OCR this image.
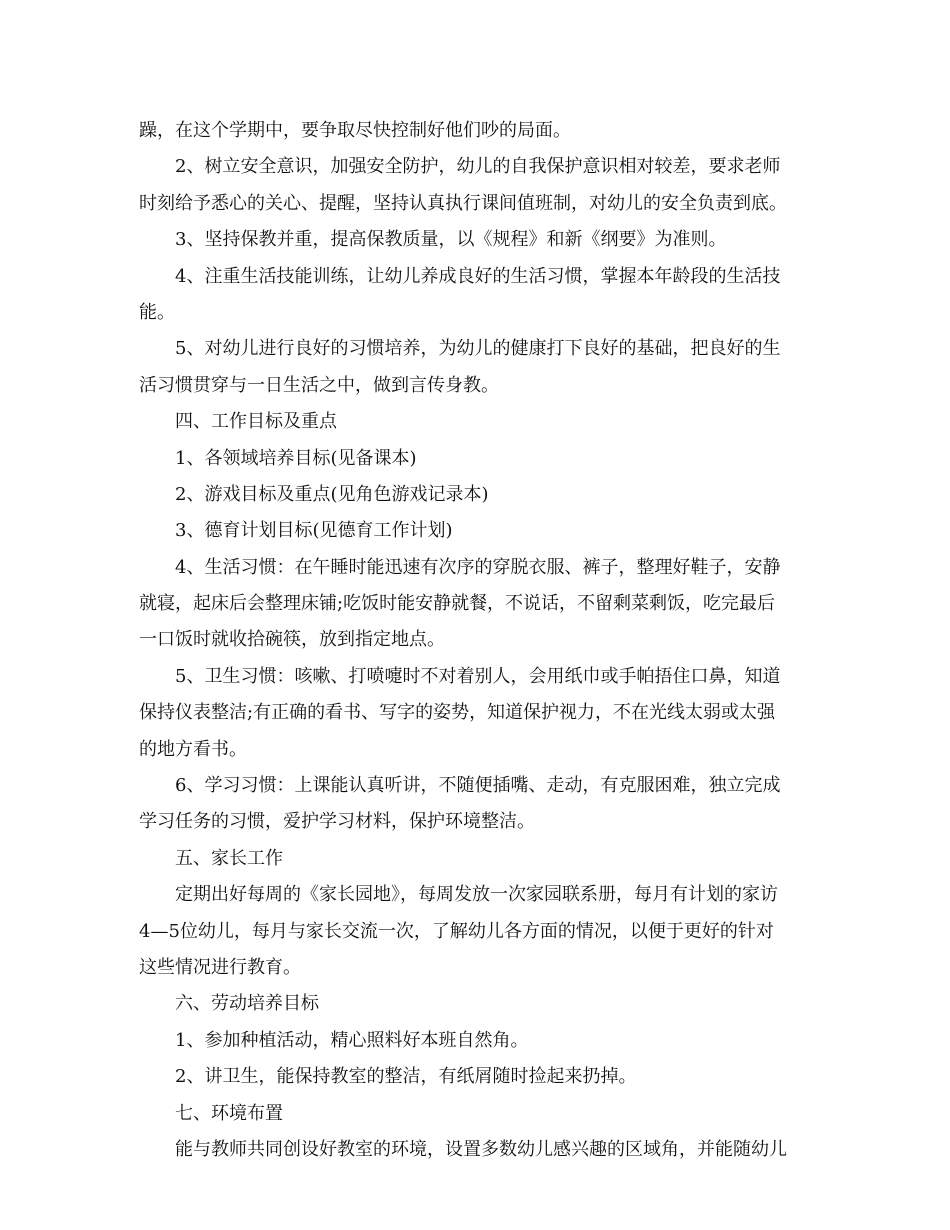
躁，在这个学期中，要争取尽快控制好他们吵的局面。
2、树立安全意识，加强安全防护，幼儿的自我保护意识相对较差，要求老师
时刻给予悉心的关心、提醒，坚持认真执行课间值班制，对幼儿的安全负责到底。
3、坚持保教并重，提高保教质量，以《规程》和新《纲要》为准则。
4、注重生活技能训练，让幼儿养成良好的生活习惯，掌握本年龄段的生活技
能。
5、对幼儿进行良好的习惯培养，为幼儿的健康打下良好的基础，把良好的生
活习惯贯穿与一日生活之中，做到言传身教。
四、工作目标及重点
1、各领域培养目标(见备课本)
2、游戏目标及重点(见角色游戏记录本)
3、德育计划目标(见德育工作计划)
4、生活习惯：在午睡时能迅速有次序的穿脱衣服、裤子，整理好鞋子，安静
就寝，起床后会整理床铺;吃饭时能安静就餐，不说话，不留剩菜剩饭，吃完最后
一口饭时就收拾碗筷，放到指定地点。
5、卫生习惯：咳嗽、打喷嚏时不对着别人，会用纸巾或手帕捂住口鼻，知道
保持仪表整洁;有正确的看书、写字的姿势，知道保护视力，不在光线太弱或太强
的地方看书。
6、学习习惯：上课能认真听讲，不随便插嘴、走动，有克服困难，独立完成
学习任务的习惯，爱护学习材料，保护环境整洁。
五、家长工作
定期出好每周的《家长园地》，每周发放一次家园联系册，每月有计划的家访
4—5位幼儿，每月与家长交流一次，了解幼儿各方面的情况，以便于更好的针对
这些情况进行教育。
六、劳动培养目标
1、参加种植活动，精心照料好本班自然角。
2、讲卫生，能保持教室的整洁，有纸屑随时捡起来扔掉。
七、环境布置
能与教师共同创设好教室的环境，设置多数幼儿感兴趣的区域角，并能随幼儿
